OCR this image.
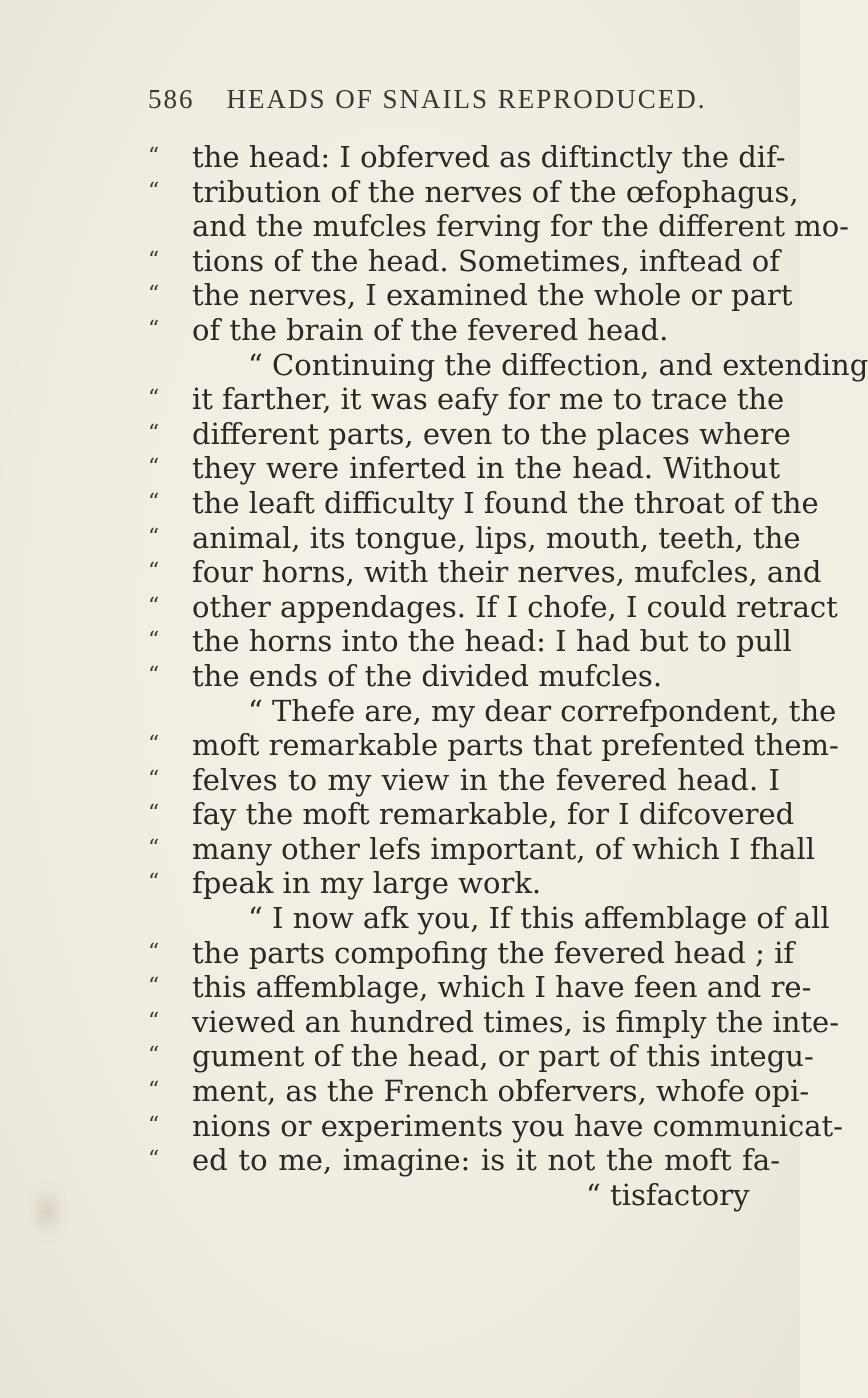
586 HEADS OF SNAILS REPRODUCED.
“ the head: I obferved as diftinctly the dif-
“ tribution of the nerves of the œfophagus,
and the mufcles ferving for the different mo-
“ tions of the head. Sometimes, inftead of
“ the nerves, I examined the whole or part
“ of the brain of the fevered head.
“ Continuing the diffection, and extending
“ it farther, it was eafy for me to trace the
“ different parts, even to the places where
“ they were inferted in the head. Without
“ the leaft difficulty I found the throat of the
“ animal, its tongue, lips, mouth, teeth, the
“ four horns, with their nerves, mufcles, and
“ other appendages. If I chofe, I could retract
“ the horns into the head: I had but to pull
“ the ends of the divided mufcles.
“ Thefe are, my dear correfpondent, the
“ moft remarkable parts that prefented them-
“ felves to my view in the fevered head. I
“ fay the moft remarkable, for I difcovered
“ many other lefs important, of which I fhall
“ fpeak in my large work.
“ I now afk you, If this affemblage of all
“ the parts compofing the fevered head ; if
“ this affemblage, which I have feen and re-
“ viewed an hundred times, is fimply the inte-
“ gument of the head, or part of this integu-
“ ment, as the French obfervers, whofe opi-
“ nions or experiments you have communicat-
“ ed to me, imagine: is it not the moft fa-
“ tisfactory
